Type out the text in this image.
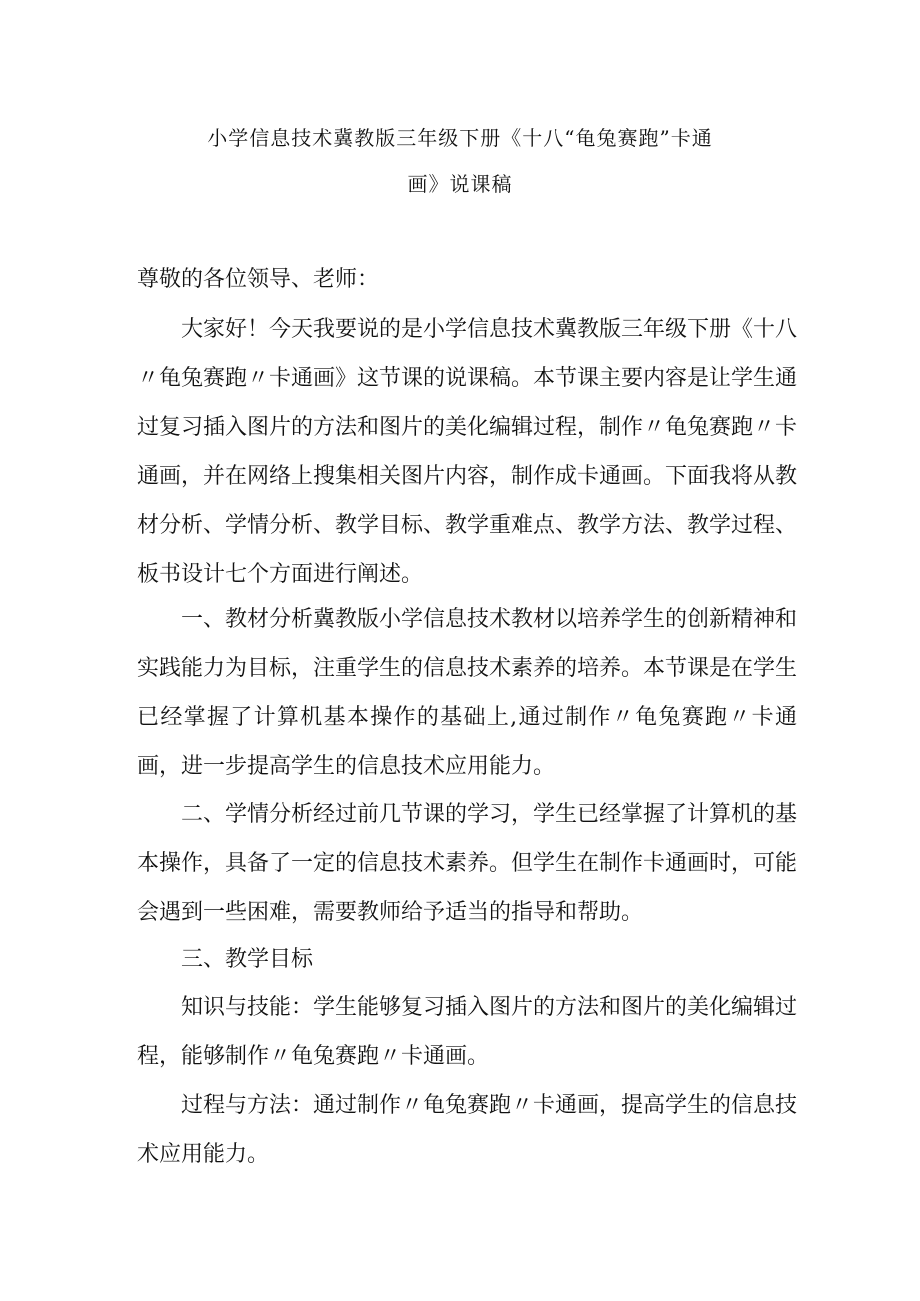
小学信息技术冀教版三年级下册《十八“龟兔赛跑”卡通
画》说课稿
尊敬的各位领导、老师：
大家好！今天我要说的是小学信息技术冀教版三年级下册《十八〃龟兔赛跑〃卡通画》这节课的说课稿。本节课主要内容是让学生通过复习插入图片的方法和图片的美化编辑过程，制作〃龟兔赛跑〃卡通画，并在网络上搜集相关图片内容，制作成卡通画。下面我将从教材分析、学情分析、教学目标、教学重难点、教学方法、教学过程、板书设计七个方面进行阐述。
一、教材分析冀教版小学信息技术教材以培养学生的创新精神和实践能力为目标，注重学生的信息技术素养的培养。本节课是在学生已经掌握了计算机基本操作的基础上,通过制作〃龟兔赛跑〃卡通画，进一步提高学生的信息技术应用能力。
二、学情分析经过前几节课的学习，学生已经掌握了计算机的基本操作，具备了一定的信息技术素养。但学生在制作卡通画时，可能会遇到一些困难，需要教师给予适当的指导和帮助。
三、教学目标
知识与技能：学生能够复习插入图片的方法和图片的美化编辑过程，能够制作〃龟兔赛跑〃卡通画。
过程与方法：通过制作〃龟兔赛跑〃卡通画，提高学生的信息技术应用能力。
